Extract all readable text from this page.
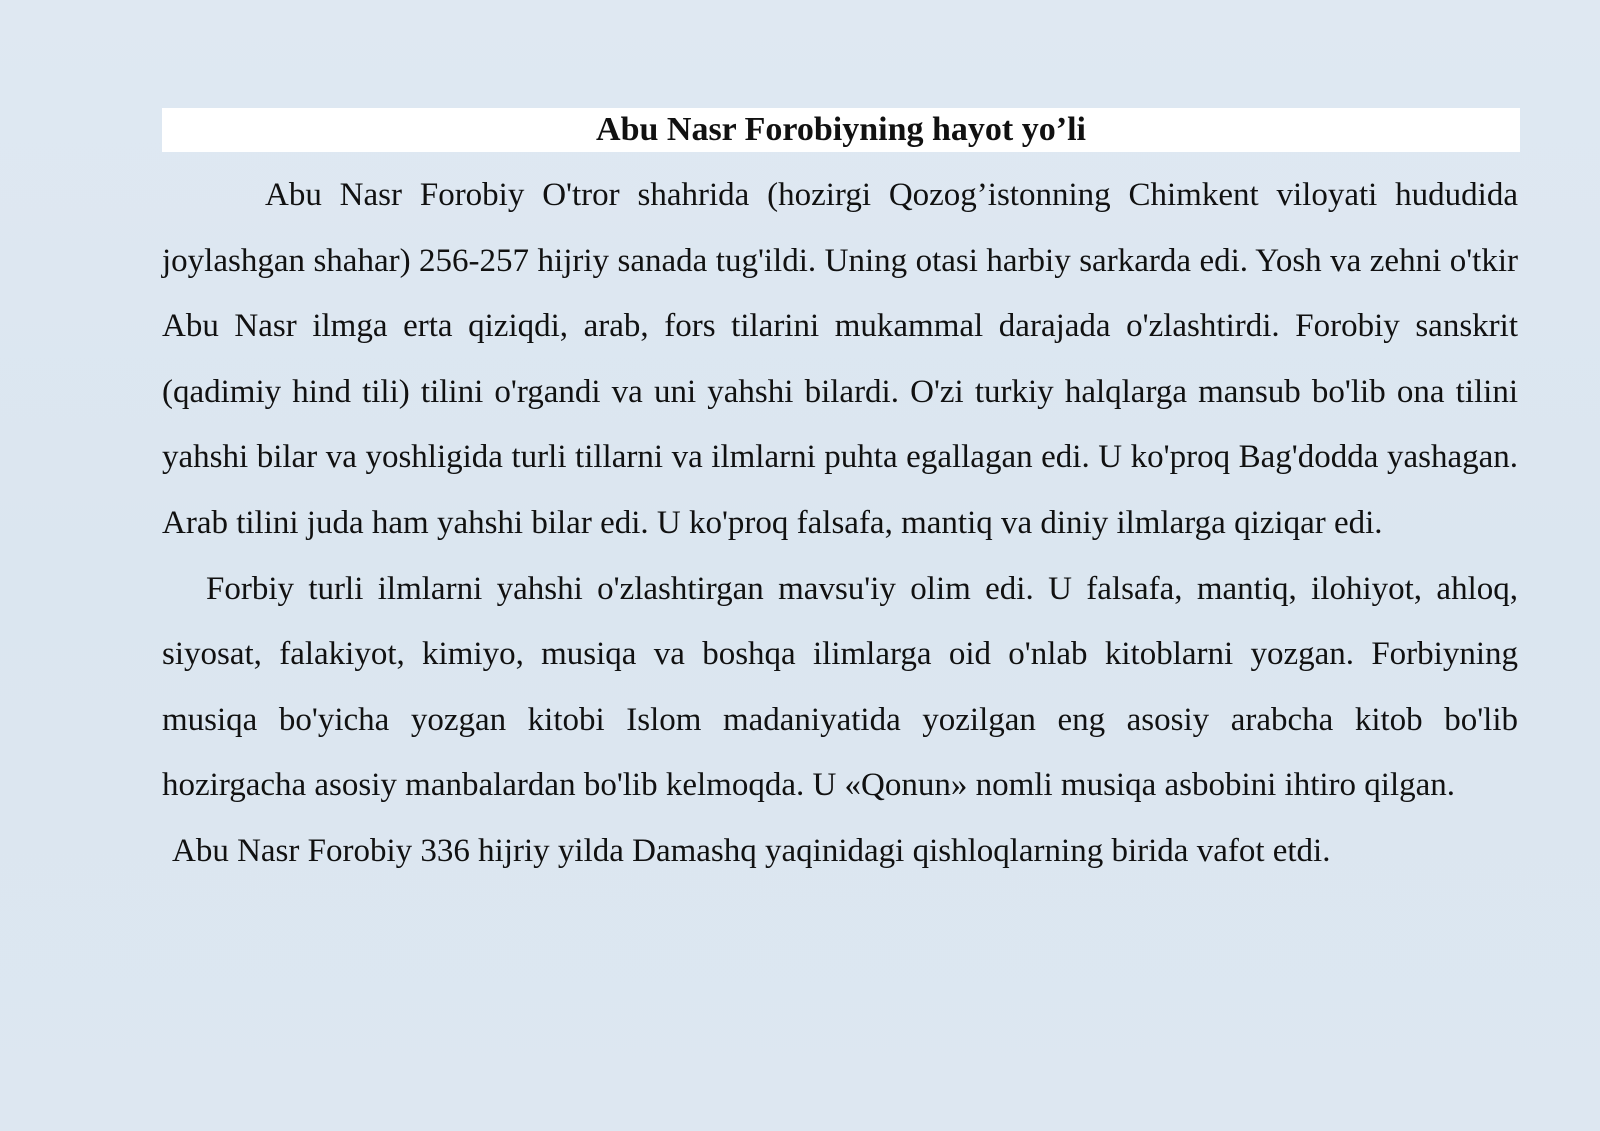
Abu Nasr Forobiyning hayot yo’li

Abu Nasr Forobiy O'tror shahrida (hozirgi Qozog’istonning Chimkent viloyati hududida joylashgan shahar) 256-257 hijriy sanada tug'ildi. Uning otasi harbiy sarkarda edi. Yosh va zehni o'tkir Abu Nasr ilmga erta qiziqdi, arab, fors tilarini mukammal darajada o'zlashtirdi. Forobiy sanskrit (qadimiy hind tili) tilini o'rgandi va uni yahshi bilardi. O'zi turkiy halqlarga mansub bo'lib ona tilini yahshi bilar va yoshligida turli tillarni va ilmlarni puhta egallagan edi. U ko'proq Bag'dodda yashagan. Arab tilini juda ham yahshi bilar edi. U ko'proq falsafa, mantiq va diniy ilmlarga qiziqar edi.

Forbiy turli ilmlarni yahshi o'zlashtirgan mavsu'iy olim edi. U falsafa, mantiq, ilohiyot, ahloq, siyosat, falakiyot, kimiyo, musiqa va boshqa ilimlarga oid o'nlab kitoblarni yozgan. Forbiyning musiqa bo'yicha yozgan kitobi Islom madaniyatida yozilgan eng asosiy arabcha kitob bo'lib hozirgacha asosiy manbalardan bo'lib kelmoqda. U «Qonun» nomli musiqa asbobini ihtiro qilgan.

Abu Nasr Forobiy 336 hijriy yilda Damashq yaqinidagi qishloqlarning birida vafot etdi.
